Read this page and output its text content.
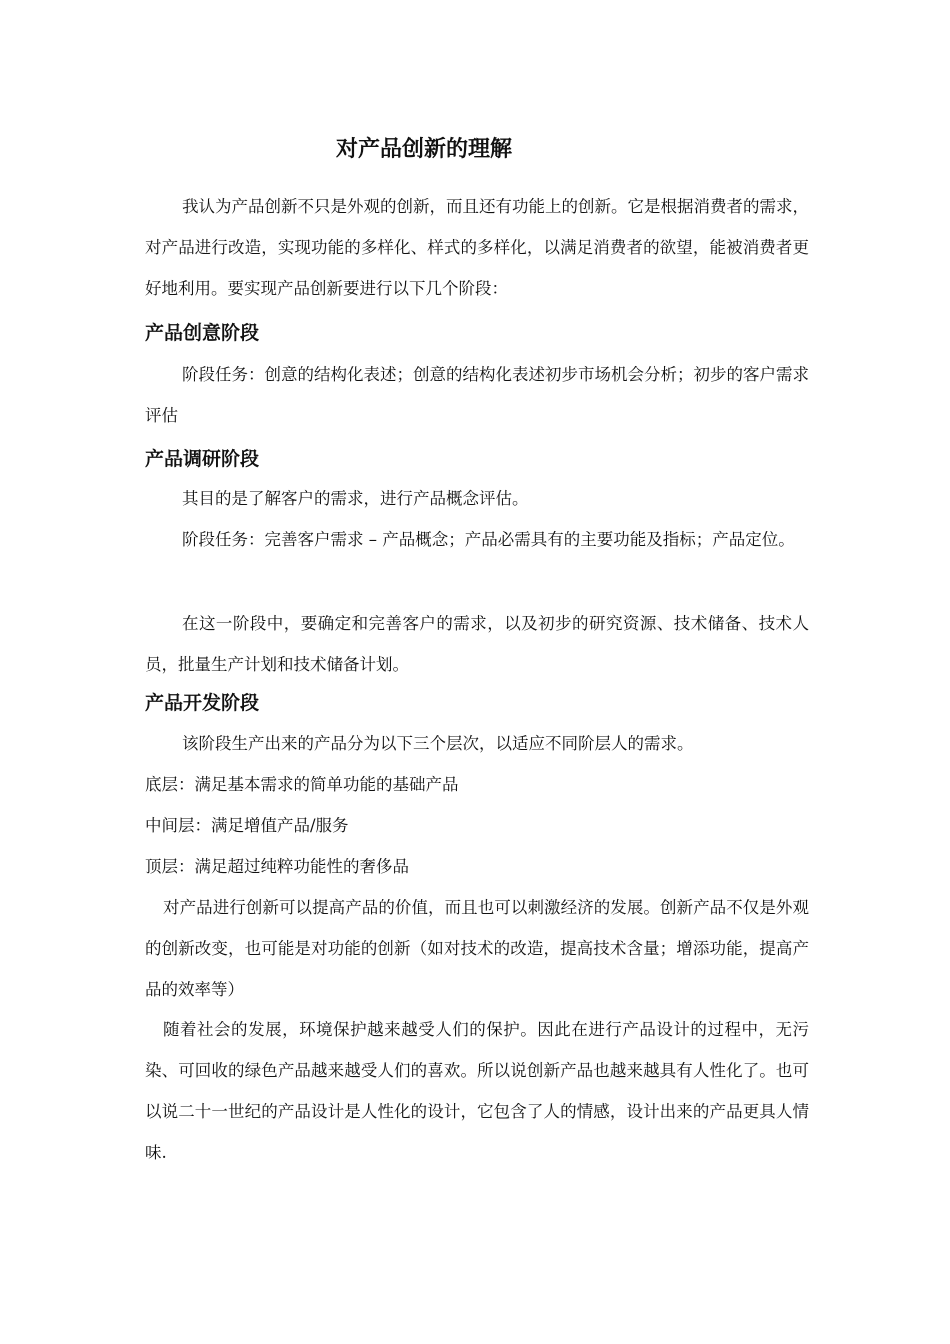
对产品创新的理解

我认为产品创新不只是外观的创新，而且还有功能上的创新。它是根据消费者的需求，对产品进行改造，实现功能的多样化、样式的多样化，以满足消费者的欲望，能被消费者更好地利用。要实现产品创新要进行以下几个阶段：

产品创意阶段

阶段任务：创意的结构化表述；创意的结构化表述初步市场机会分析；初步的客户需求评估

产品调研阶段

其目的是了解客户的需求，进行产品概念评估。

阶段任务：完善客户需求 – 产品概念；产品必需具有的主要功能及指标；产品定位。

在这一阶段中，要确定和完善客户的需求，以及初步的研究资源、技术储备、技术人员，批量生产计划和技术储备计划。

产品开发阶段

该阶段生产出来的产品分为以下三个层次，以适应不同阶层人的需求。

底层：满足基本需求的简单功能的基础产品

中间层：满足增值产品/服务

顶层：满足超过纯粹功能性的奢侈品

对产品进行创新可以提高产品的价值，而且也可以刺激经济的发展。创新产品不仅是外观的创新改变，也可能是对功能的创新（如对技术的改造，提高技术含量；增添功能，提高产品的效率等）

随着社会的发展，环境保护越来越受人们的保护。因此在进行产品设计的过程中，无污染、可回收的绿色产品越来越受人们的喜欢。所以说创新产品也越来越具有人性化了。也可以说二十一世纪的产品设计是人性化的设计，它包含了人的情感，设计出来的产品更具人情味.
